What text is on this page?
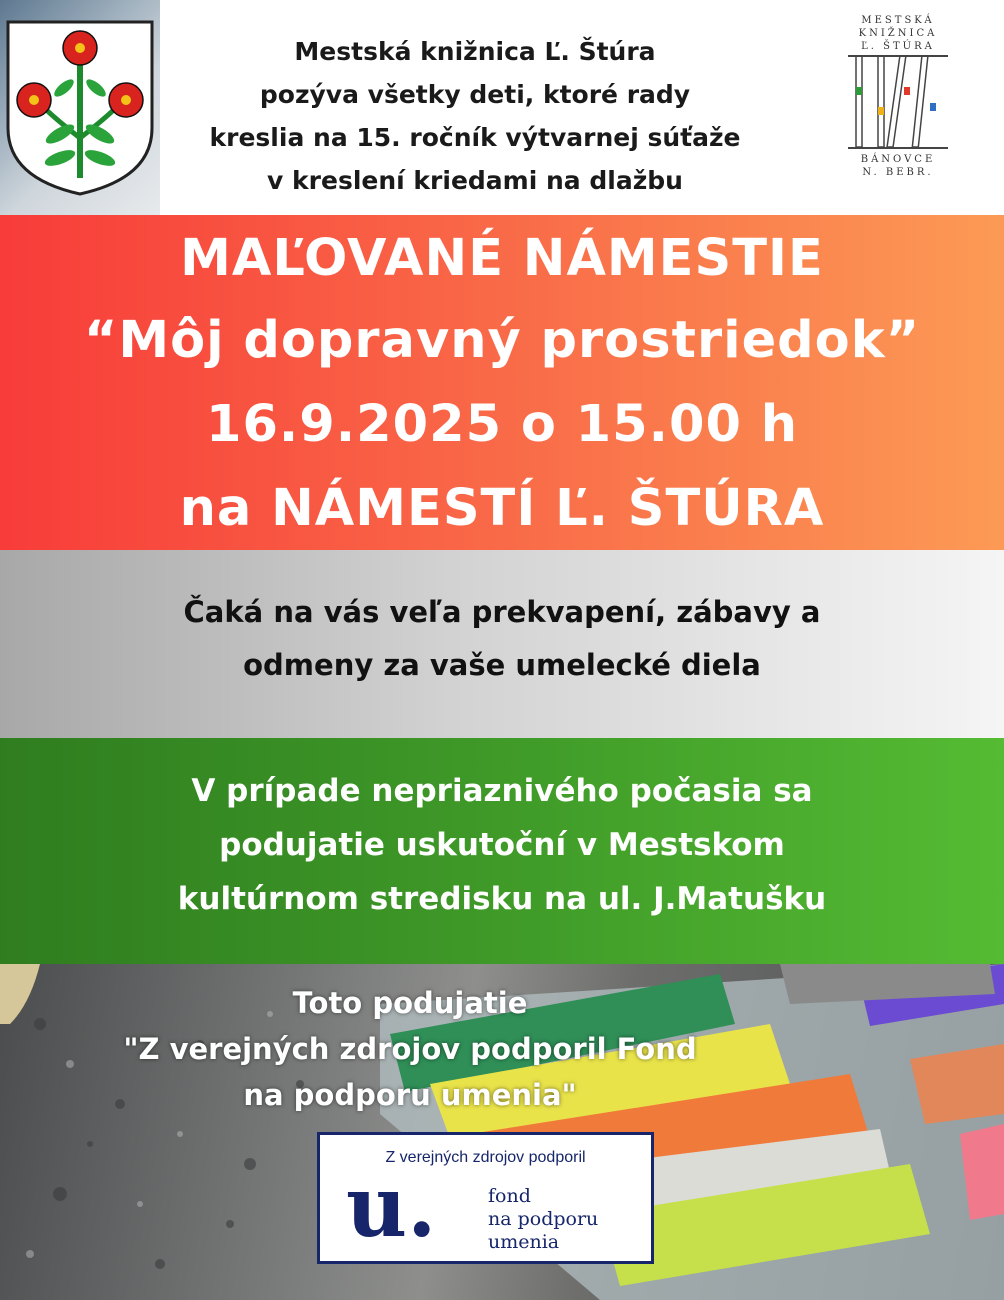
Mestská knižnica Ľ. Štúra
pozýva všetky deti, ktoré rady
kreslia na 15. ročník výtvarnej súťaže
v kreslení kriedami na dlažbu
MESTSKÁ
KNIŽNICA
Ľ. ŠTÚRA
BÁNOVCE
N. BEBR.
MAĽOVANÉ NÁMESTIE
“Môj dopravný prostriedok”
16.9.2025 o 15.00 h
na NÁMESTÍ Ľ. ŠTÚRA
Čaká na vás veľa prekvapení, zábavy a
odmeny za vaše umelecké diela
V prípade nepriaznivého počasia sa
podujatie uskutoční v Mestskom
kultúrnom stredisku na ul. J.Matušku
Toto podujatie
"Z verejných zdrojov podporil Fond
na podporu umenia"
Z verejných zdrojov podporil
u.	fond
na podporu
umenia
